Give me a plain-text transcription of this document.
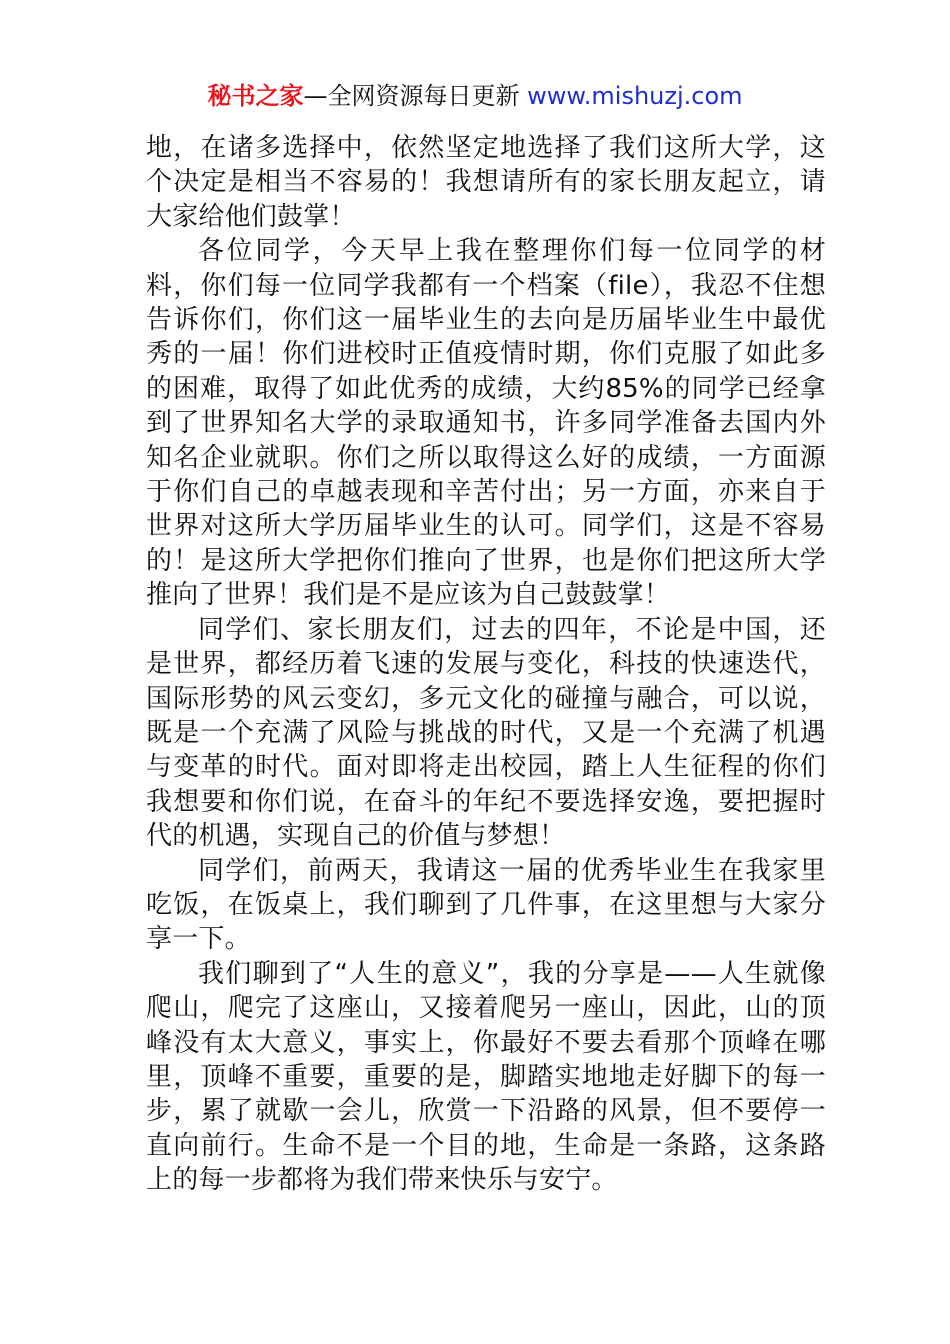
秘书之家—全网资源每日更新 www.mishuzj.com

地，在诸多选择中，依然坚定地选择了我们这所大学，这个决定是相当不容易的！我想请所有的家长朋友起立，请大家给他们鼓掌！

各位同学，今天早上我在整理你们每一位同学的材料，你们每一位同学我都有一个档案（file），我忍不住想告诉你们，你们这一届毕业生的去向是历届毕业生中最优秀的一届！你们进校时正值疫情时期，你们克服了如此多的困难，取得了如此优秀的成绩，大约85%的同学已经拿到了世界知名大学的录取通知书，许多同学准备去国内外知名企业就职。你们之所以取得这么好的成绩，一方面源于你们自己的卓越表现和辛苦付出；另一方面，亦来自于世界对这所大学历届毕业生的认可。同学们，这是不容易的！是这所大学把你们推向了世界，也是你们把这所大学推向了世界！我们是不是应该为自己鼓鼓掌！

同学们、家长朋友们，过去的四年，不论是中国，还是世界，都经历着飞速的发展与变化，科技的快速迭代，国际形势的风云变幻，多元文化的碰撞与融合，可以说，既是一个充满了风险与挑战的时代，又是一个充满了机遇与变革的时代。面对即将走出校园，踏上人生征程的你们我想要和你们说，在奋斗的年纪不要选择安逸，要把握时代的机遇，实现自己的价值与梦想！

同学们，前两天，我请这一届的优秀毕业生在我家里吃饭，在饭桌上，我们聊到了几件事，在这里想与大家分享一下。

我们聊到了“人生的意义”，我的分享是——人生就像爬山，爬完了这座山，又接着爬另一座山，因此，山的顶峰没有太大意义，事实上，你最好不要去看那个顶峰在哪里，顶峰不重要，重要的是，脚踏实地地走好脚下的每一步，累了就歇一会儿，欣赏一下沿路的风景，但不要停一直向前行。生命不是一个目的地，生命是一条路，这条路上的每一步都将为我们带来快乐与安宁。
